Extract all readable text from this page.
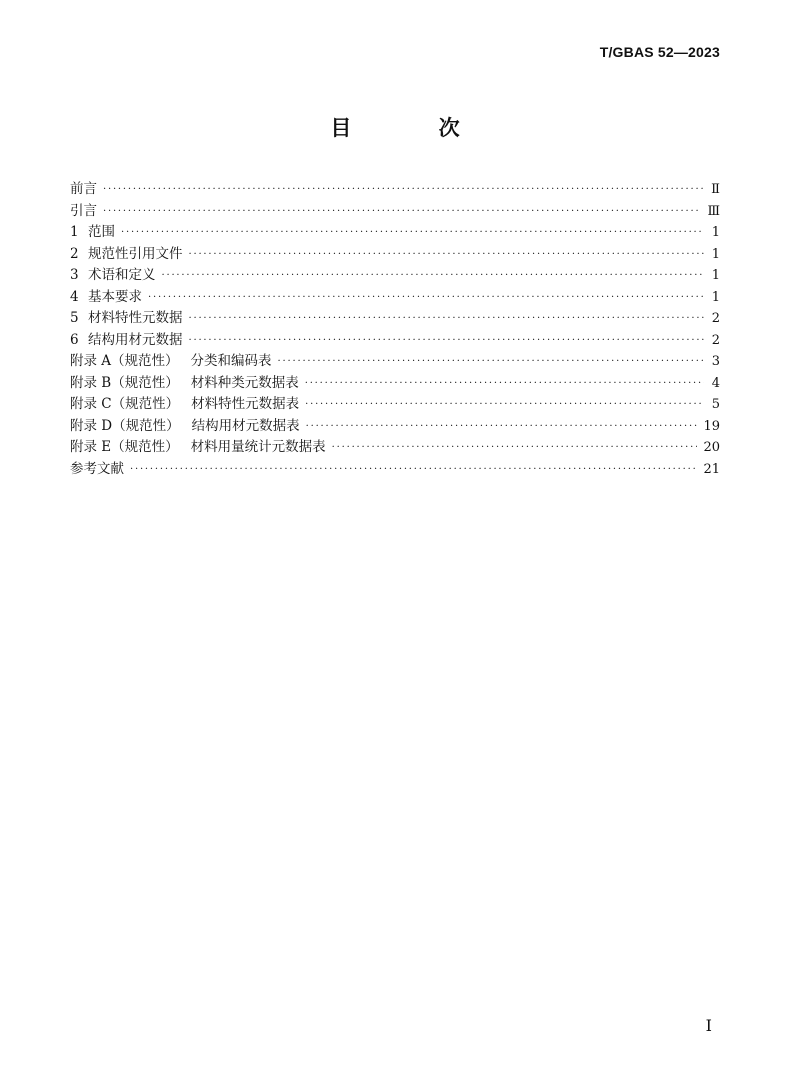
T/GBAS 52—2023
目 次
前言 ·····	Ⅱ
引言 ·····	Ⅲ
1 范围 ·····	1
2 规范性引用文件 ·····	1
3 术语和定义 ·····	1
4 基本要求 ·····	1
5 材料特性元数据 ·····	2
6 结构用材元数据 ·····	2
附录 A（规范性） 分类和编码表 ·····	3
附录 B（规范性） 材料种类元数据表 ·····	4
附录 C（规范性） 材料特性元数据表 ·····	5
附录 D（规范性） 结构用材元数据表 ·····	19
附录 E（规范性） 材料用量统计元数据表 ·····	20
参考文献 ·····	21
Ⅰ
